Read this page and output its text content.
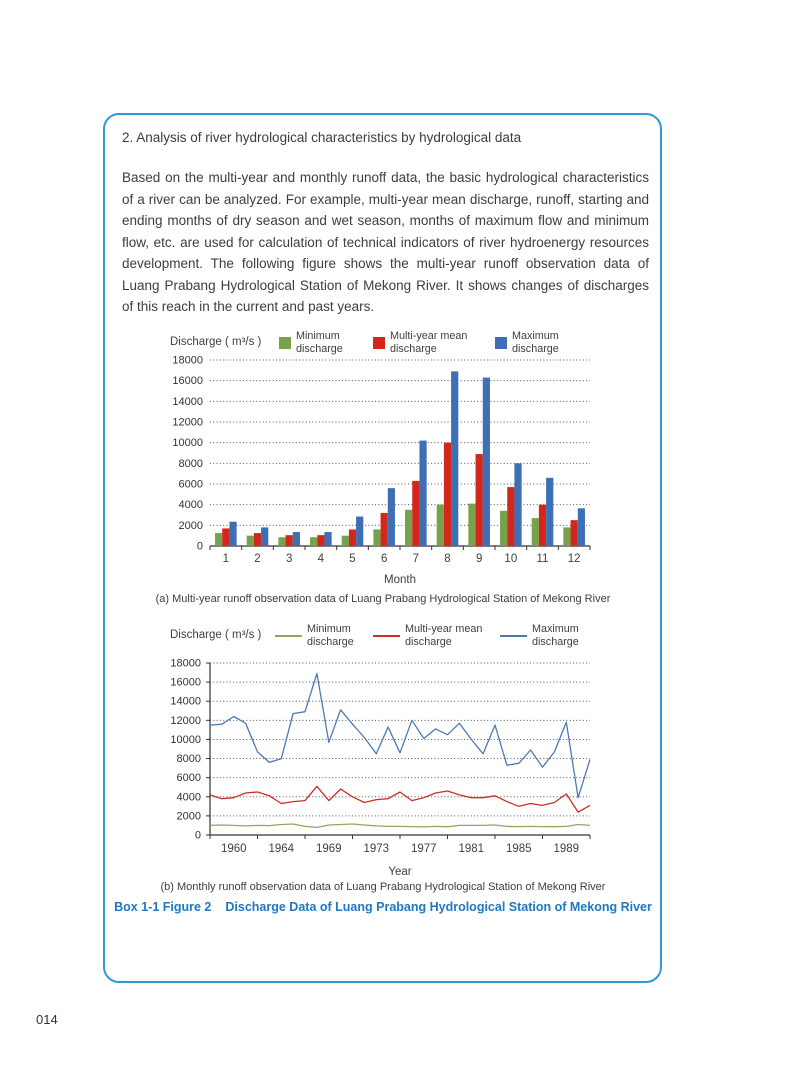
2. Analysis of river hydrological characteristics by hydrological data
Based on the multi-year and monthly runoff data, the basic hydrological characteristics of a river can be analyzed. For example, multi-year mean discharge, runoff, starting and ending months of dry season and wet season, months of maximum flow and minimum flow, etc. are used for calculation of technical indicators of river hydroenergy resources development. The following figure shows the multi-year runoff observation data of Luang Prabang Hydrological Station of Mekong River. It shows changes of discharges of this reach in the current and past years.
Discharge ( m³/s )	Minimum
discharge
Multi-year mean
discharge
Maximum
discharge
0
2000
4000
6000
8000
10000
12000
14000
16000
18000
1 2 3 4 5 6 7 8 9 10 11 12
Month
(a) Multi-year runoff observation data of Luang Prabang Hydrological Station of Mekong River
Discharge ( m³/s )	Minimum
discharge
Multi-year mean
discharge
Maximum
discharge
0
2000
4000
6000
8000
10000
12000
14000
16000
18000
1960 1964 1969 1973 1977 1981 1985 1989
Year
(b) Monthly runoff observation data of Luang Prabang Hydrological Station of Mekong River
Box 1-1 Figure 2 Discharge Data of Luang Prabang Hydrological Station of Mekong River
014
